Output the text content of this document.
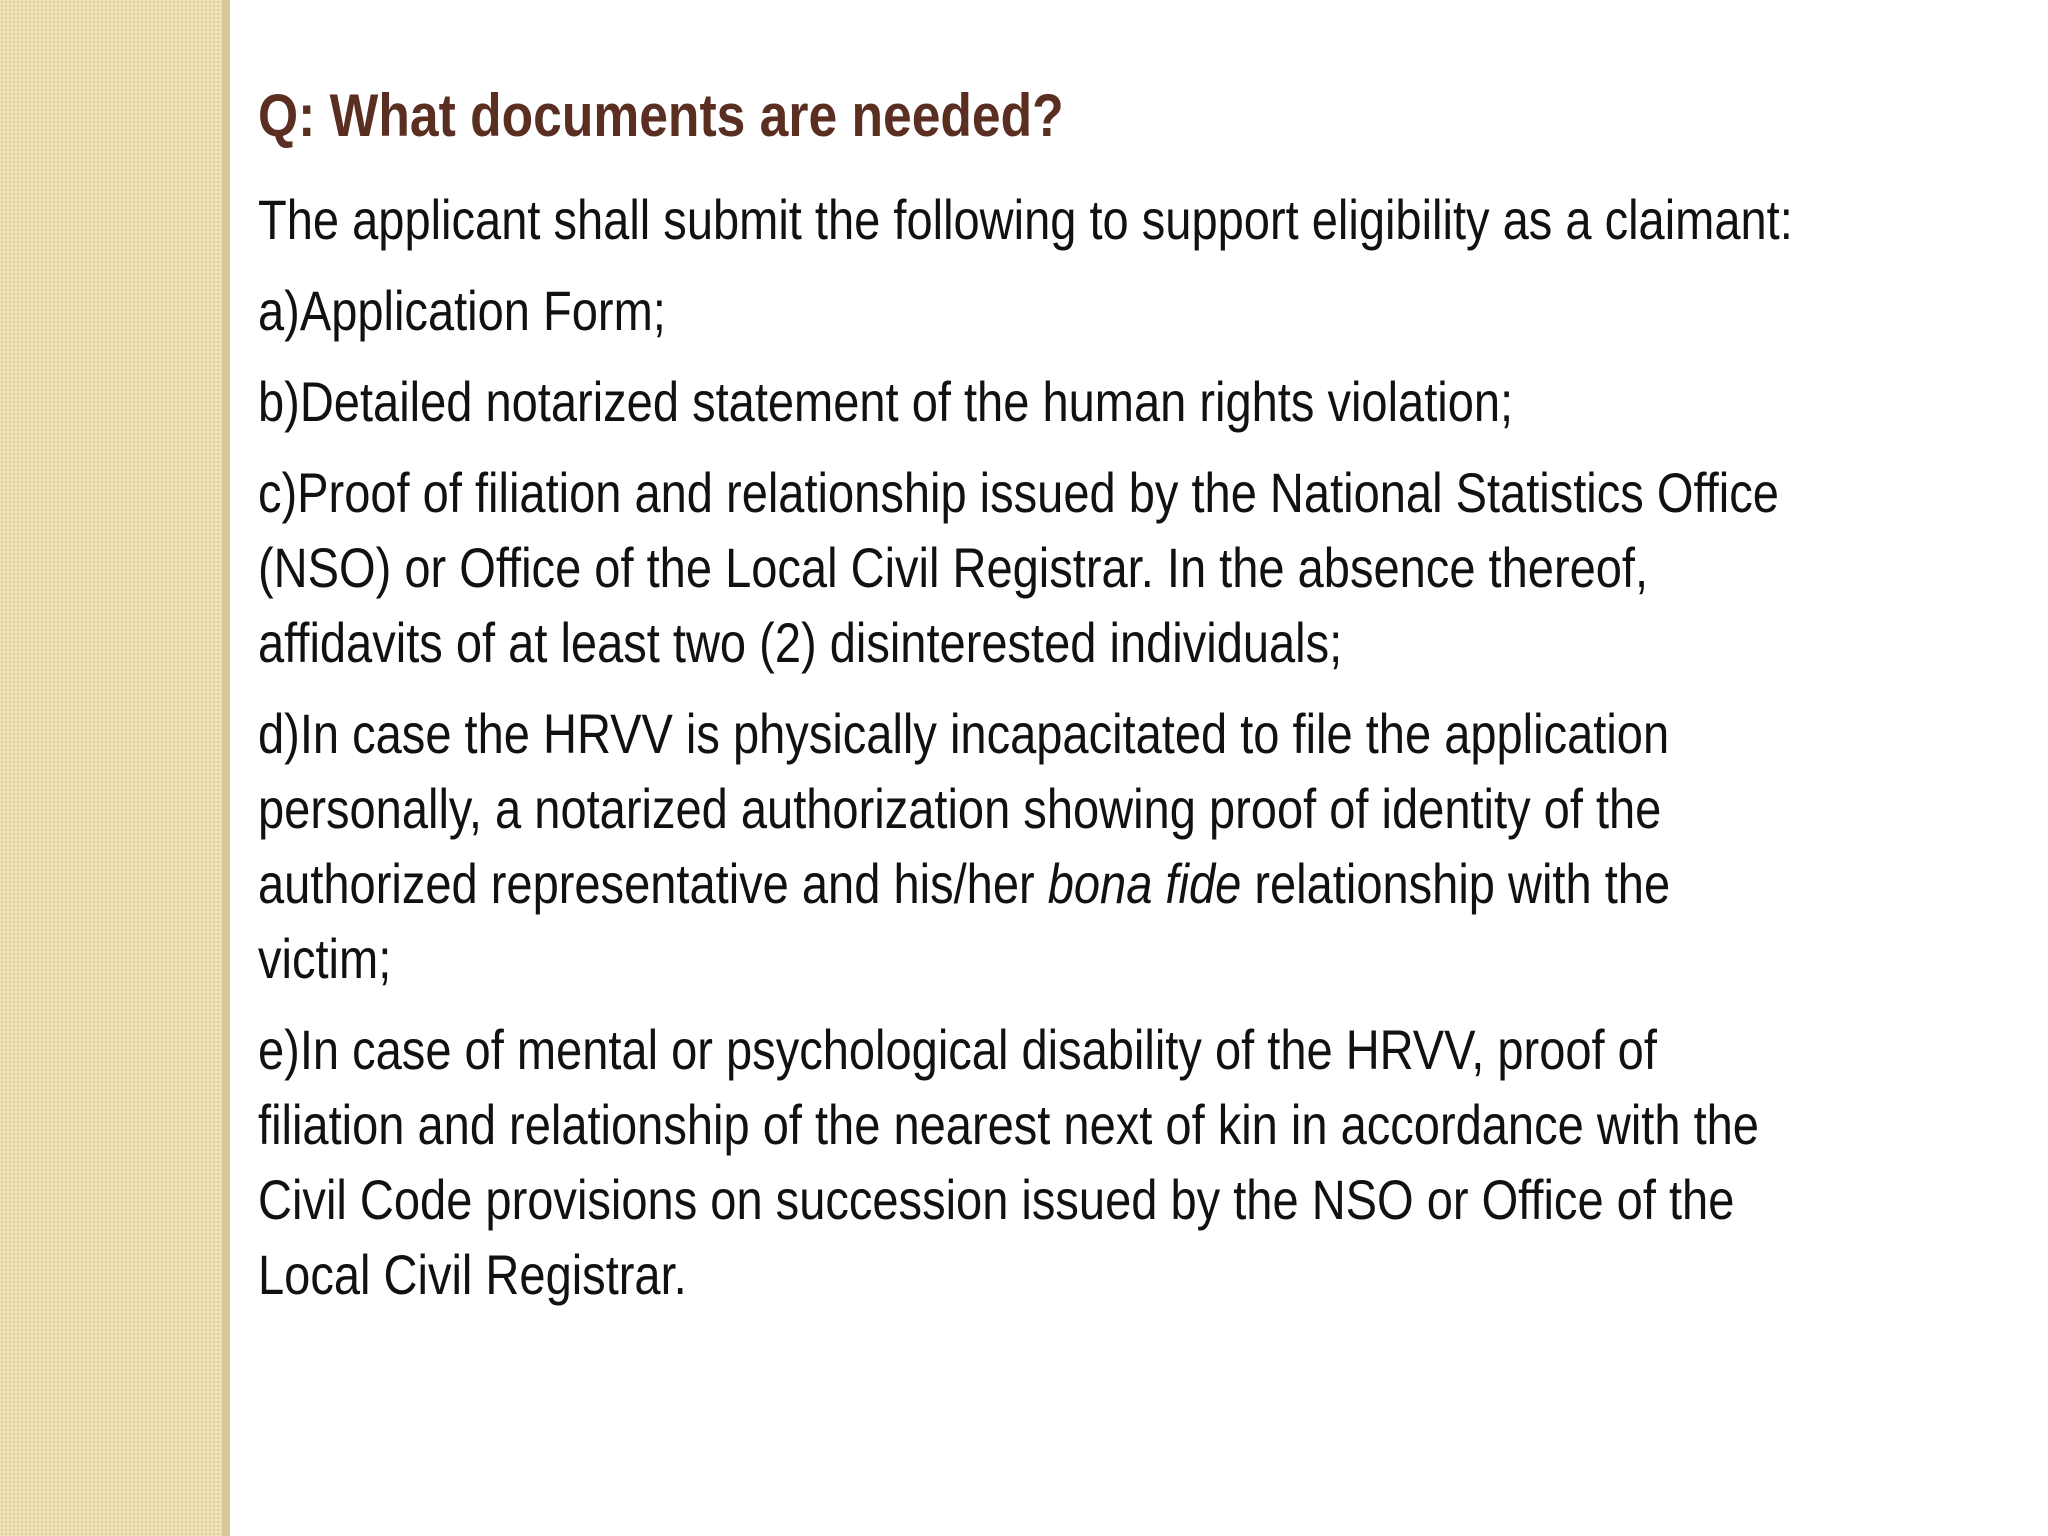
Q: What documents are needed?

The applicant shall submit the following to support eligibility as a claimant:

a)Application Form;

b)Detailed notarized statement of the human rights violation;

c)Proof of filiation and relationship issued by the National Statistics Office
(NSO) or Office of the Local Civil Registrar. In the absence thereof,
affidavits of at least two (2) disinterested individuals;

d)In case the HRVV is physically incapacitated to file the application
personally, a notarized authorization showing proof of identity of the
authorized representative and his/her bona fide relationship with the
victim;

e)In case of mental or psychological disability of the HRVV, proof of
filiation and relationship of the nearest next of kin in accordance with the
Civil Code provisions on succession issued by the NSO or Office of the
Local Civil Registrar.
